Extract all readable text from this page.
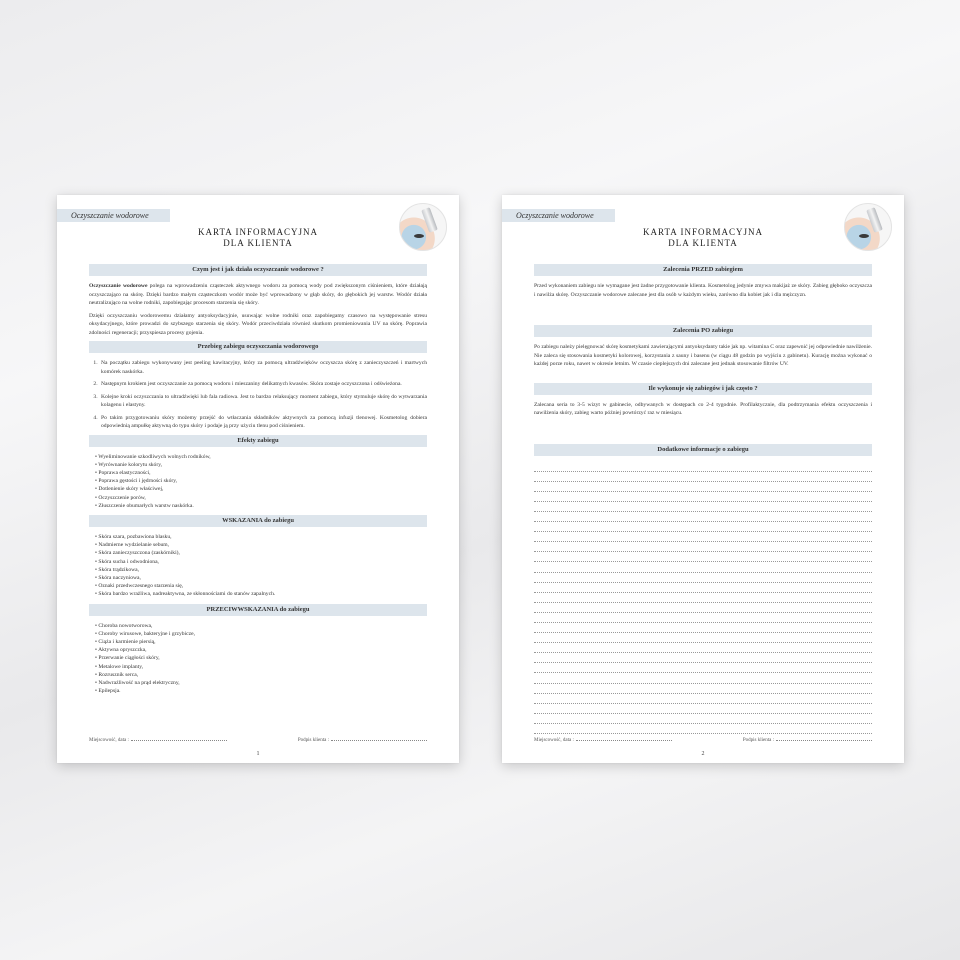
Oczyszczanie wodorowe
KARTA INFORMACYJNA
DLA KLIENTA
Czym jest i jak działa oczyszczanie wodorowe ?

Oczyszczanie wodorowe polega na wprowadzeniu cząsteczek aktywnego wodoru za pomocą wody pod zwiększonym ciśnieniem, które działają oczyszczająco na skórę. Dzięki bardzo małym cząsteczkom wodór może być wprowadzony w głąb skóry, do głębokich jej warstw. Wodór działa neutralizująco na wolne rodniki, zapobiegając procesom starzenia się skóry.

Dzięki oczyszczaniu wodorowemu działamy antyoksydacyjnie, usuwając wolne rodniki oraz zapobiegamy czasowo na występowanie stresu oksydacyjnego, które prowadzi do szybszego starzenia się skóry. Wodór przeciwdziała również skutkom promieniowania UV na skórę. Poprawia zdolności regeneracji; przyspiesza procesy gojenia.

Przebieg zabiegu oczyszczania wodorowego
1. Na początku zabiegu wykonywany jest peeling kawitacyjny, który za pomocą ultradźwięków oczyszcza skórę z zanieczyszczeń i martwych komórek naskórka.
2. Następnym krokiem jest oczyszczanie za pomocą wodoru i mieszaniny delikatnych kwasów. Skóra zostaje oczyszczona i odświeżona.
3. Kolejne kroki oczyszczania to ultradźwięki lub fala radiowa. Jest to bardzo relaksujący moment zabiegu, który stymuluje skórę do wytwarzania kolagenu i elastyny.
4. Po takim przygotowaniu skóry możemy przejść do wtłaczania składników aktywnych za pomocą infuzji tlenowej. Kosmetolog dobiera odpowiednią ampułkę aktywną do typu skóry i podaje ją przy użyciu tlenu pod ciśnieniem.
Efekty zabiegu
• Wyeliminowanie szkodliwych wolnych rodników,
• Wyrównanie kolorytu skóry,
• Poprawa elastyczności,
• Poprawa gęstości i jędrności skóry,
• Dotlenienie skóry właściwej,
• Oczyszczenie porów,
• Złuszczenie obumarłych warstw naskórka.
WSKAZANIA do zabiegu
• Skóra szara, pozbawiona blasku,
• Nadmierne wydzielanie sebum,
• Skóra zanieczyszczona (zaskórniki),
• Skóra sucha i odwodniona,
• Skóra trądzikowa,
• Skóra naczyniowa,
• Oznaki przedwczesnego starzenia się,
• Skóra bardzo wrażliwa, nadreaktywna, ze skłonnościami do stanów zapalnych.
PRZECIWWSKAZANIA do zabiegu
• Choroba nowotworowa,
• Choroby wirusowe, bakteryjne i grzybicze,
• Ciąża i karmienie piersią,
• Aktywna opryszczka,
• Przerwanie ciągłości skóry,
• Metalowe implanty,
• Rozrusznik serca,
• Nadwrażliwość na prąd elektryczny,
• Epilepsja.
Miejscowość, data :	Podpis klienta :
1
Oczyszczanie wodorowe
KARTA INFORMACYJNA
DLA KLIENTA
Zalecenia PRZED zabiegiem

Przed wykonaniem zabiegu nie wymagane jest żadne przygotowanie klienta. Kosmetolog jedynie zmywa makijaż ze skóry. Zabieg głęboko oczyszcza i nawilża skórę. Oczyszczanie wodorowe zalecane jest dla osób w każdym wieku, zarówno dla kobiet jak i dla mężczyzn.

Zalecenia PO zabiegu

Po zabiegu należy pielęgnować skórę kosmetykami zawierającymi antyoksydanty takie jak np. witamina C oraz zapewnić jej odpowiednie nawilżenie. Nie zaleca się stosowania kosmetyki kolorowej, korzystania z sauny i basenu (w ciągu 48 godzin po wyjściu z gabinetu). Kurację można wykonać o każdej porze roku, nawet w okresie letnim. W czasie cieplejszych dni zalecane jest jednak stosowanie filtrów UV.

Ile wykonuje się zabiegów i jak często ?

Zalecana seria to 3-5 wizyt w gabinecie, odbywanych w dostępach co 2-4 tygodnie. Profilaktycznie, dla podtrzymania efektu oczyszczenia i nawilżenia skóry, zabieg warto później powtórzyć raz w miesiącu.

Dodatkowe informacje o zabiegu
Miejscowość, data :	Podpis klienta :
2
